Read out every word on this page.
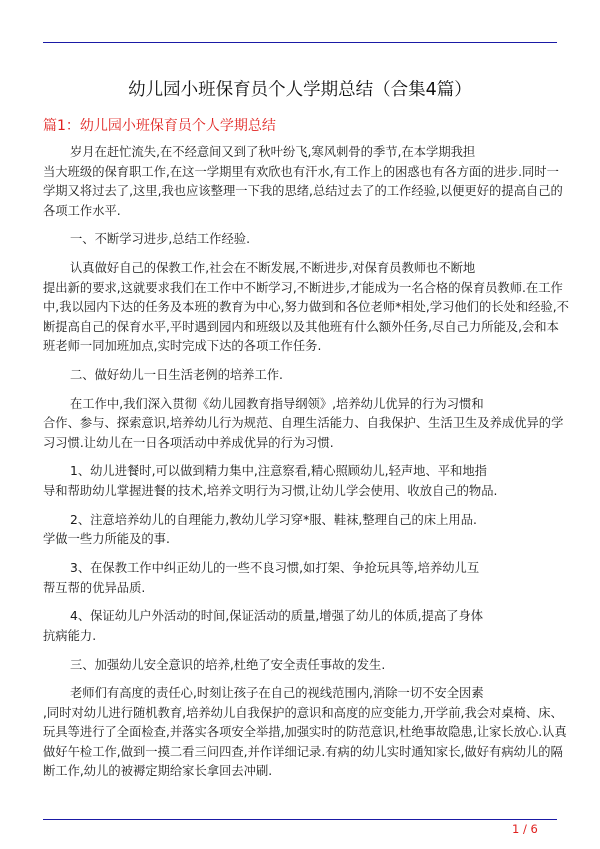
幼儿园小班保育员个人学期总结（合集4篇）
篇1：幼儿园小班保育员个人学期总结
岁月在赶忙流失,在不经意间又到了秋叶纷飞,寒风刺骨的季节,在本学期我担
当大班级的保育职工作,在这一学期里有欢欣也有汗水,有工作上的困惑也有各方面的进步.同时一
学期又将过去了,这里,我也应该整理一下我的思绪,总结过去了的工作经验,以便更好的提高自己的
各项工作水平.
一、不断学习进步,总结工作经验.
认真做好自己的保教工作,社会在不断发展,不断进步,对保育员教师也不断地
提出新的要求,这就要求我们在工作中不断学习,不断进步,才能成为一名合格的保育员教师.在工作
中,我以园内下达的任务及本班的教育为中心,努力做到和各位老师*相处,学习他们的长处和经验,不
断提高自己的保育水平,平时遇到园内和班级以及其他班有什么额外任务,尽自己力所能及,会和本
班老师一同加班加点,实时完成下达的各项工作任务.
二、做好幼儿一日生活老例的培养工作.
在工作中,我们深入贯彻《幼儿园教育指导纲领》,培养幼儿优异的行为习惯和
合作、参与、探索意识,培养幼儿行为规范、自理生活能力、自我保护、生活卫生及养成优异的学
习习惯.让幼儿在一日各项活动中养成优异的行为习惯.
1、幼儿进餐时,可以做到精力集中,注意察看,精心照顾幼儿,轻声地、平和地指
导和帮助幼儿掌握进餐的技术,培养文明行为习惯,让幼儿学会使用、收放自己的物品.
2、注意培养幼儿的自理能力,教幼儿学习穿*服、鞋袜,整理自己的床上用品.
学做一些力所能及的事.
3、在保教工作中纠正幼儿的一些不良习惯,如打架、争抢玩具等,培养幼儿互
帮互帮的优异品质.
4、保证幼儿户外活动的时间,保证活动的质量,增强了幼儿的体质,提高了身体
抗病能力.
三、加强幼儿安全意识的培养,杜绝了安全责任事故的发生.
老师们有高度的责任心,时刻让孩子在自己的视线范围内,消除一切不安全因素
,同时对幼儿进行随机教育,培养幼儿自我保护的意识和高度的应变能力,开学前,我会对桌椅、床、
玩具等进行了全面检查,并落实各项安全举措,加强实时的防范意识,杜绝事故隐患,让家长放心.认真
做好午检工作,做到一摸二看三问四查,并作详细记录.有病的幼儿实时通知家长,做好有病幼儿的隔
断工作,幼儿的被褥定期给家长拿回去冲刷.
1 / 6
